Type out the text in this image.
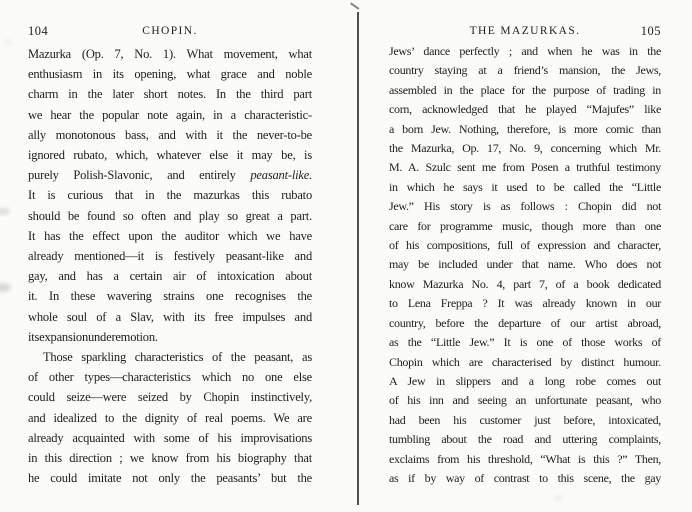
104	CHOPIN.	THE MAZURKAS.	105
Mazurka (Op. 7, No. 1). What movement, what
enthusiasm in its opening, what grace and noble
charm in the later short notes. In the third part
we hear the popular note again, in a characteristic-
ally monotonous bass, and with it the never-to-be
ignored rubato, which, whatever else it may be, is
purely Polish-Slavonic, and entirely peasant-like.
It is curious that in the mazurkas this rubato
should be found so often and play so great a part.
It has the effect upon the auditor which we have
already mentioned—it is festively peasant-like and
gay, and has a certain air of intoxication about
it. In these wavering strains one recognises the
whole soul of a Slav, with its free impulses and
its expansion under emotion.
Those sparkling characteristics of the peasant, as
of other types—characteristics which no one else
could seize—were seized by Chopin instinctively,
and idealized to the dignity of real poems. We are
already acquainted with some of his improvisations
in this direction ; we know from his biography that
he could imitate not only the peasants’ but the
Jews’ dance perfectly ; and when he was in the
country staying at a friend’s mansion, the Jews,
assembled in the place for the purpose of trading in
corn, acknowledged that he played “Majufes” like
a born Jew. Nothing, therefore, is more comic than
the Mazurka, Op. 17, No. 9, concerning which Mr.
M. A. Szulc sent me from Posen a truthful testimony
in which he says it used to be called the “Little
Jew.” His story is as follows : Chopin did not
care for programme music, though more than one
of his compositions, full of expression and character,
may be included under that name. Who does not
know Mazurka No. 4, part 7, of a book dedicated
to Lena Freppa ? It was already known in our
country, before the departure of our artist abroad,
as the “Little Jew.” It is one of those works of
Chopin which are characterised by distinct humour.
A Jew in slippers and a long robe comes out
of his inn and seeing an unfortunate peasant, who
had been his customer just before, intoxicated,
tumbling about the road and uttering complaints,
exclaims from his threshold, “What is this ?” Then,
as if by way of contrast to this scene, the gay
